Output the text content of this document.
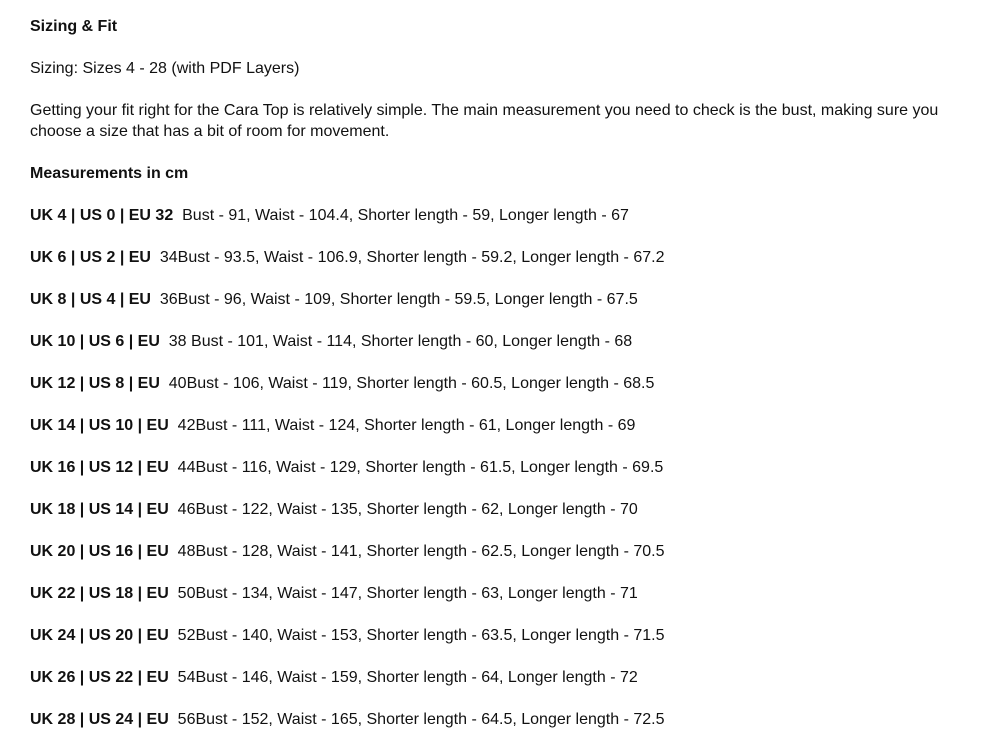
Sizing & Fit
Sizing: Sizes 4 - 28 (with PDF Layers)
Getting your fit right for the Cara Top is relatively simple. The main measurement you need to check is the bust, making sure you choose a size that has a bit of room for movement.
Measurements in cm
UK 4 | US 0 | EU 32  Bust - 91, Waist - 104.4, Shorter length - 59, Longer length - 67
UK 6 | US 2 | EU  34Bust - 93.5, Waist - 106.9, Shorter length - 59.2, Longer length - 67.2
UK 8 | US 4 | EU  36Bust - 96, Waist - 109, Shorter length - 59.5, Longer length - 67.5
UK 10 | US 6 | EU  38 Bust - 101, Waist - 114, Shorter length - 60, Longer length - 68
UK 12 | US 8 | EU  40Bust - 106, Waist - 119, Shorter length - 60.5, Longer length - 68.5
UK 14 | US 10 | EU  42Bust - 111, Waist - 124, Shorter length - 61, Longer length - 69
UK 16 | US 12 | EU  44Bust - 116, Waist - 129, Shorter length - 61.5, Longer length - 69.5
UK 18 | US 14 | EU  46Bust - 122, Waist - 135, Shorter length - 62, Longer length - 70
UK 20 | US 16 | EU  48Bust - 128, Waist - 141, Shorter length - 62.5, Longer length - 70.5
UK 22 | US 18 | EU  50Bust - 134, Waist - 147, Shorter length - 63, Longer length - 71
UK 24 | US 20 | EU  52Bust - 140, Waist - 153, Shorter length - 63.5, Longer length - 71.5
UK 26 | US 22 | EU  54Bust - 146, Waist - 159, Shorter length - 64, Longer length - 72
UK 28 | US 24 | EU  56Bust - 152, Waist - 165, Shorter length - 64.5, Longer length - 72.5
